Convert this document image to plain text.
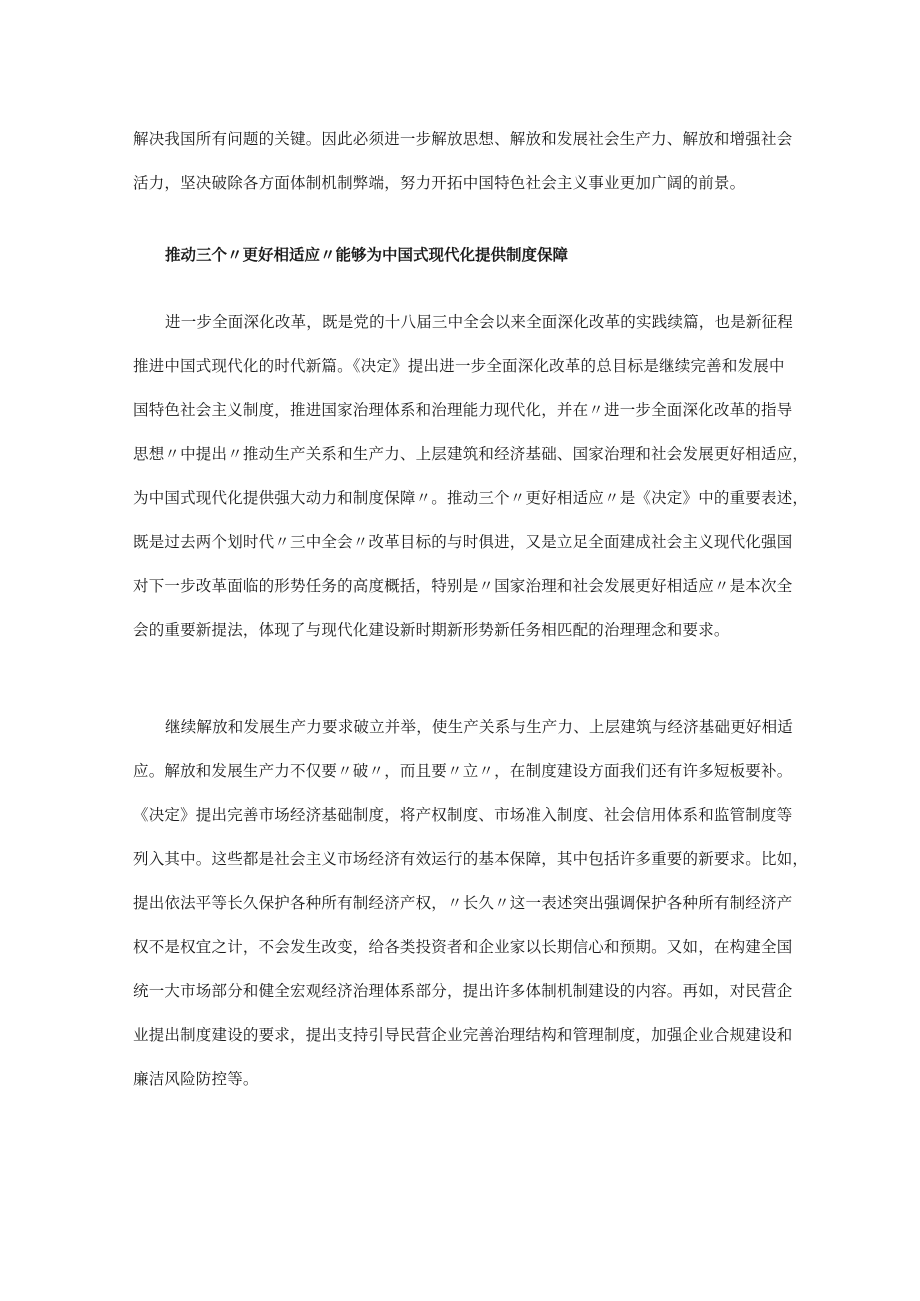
解决我国所有问题的关键。因此必须进一步解放思想、解放和发展社会生产力、解放和增强社会
活力，坚决破除各方面体制机制弊端，努力开拓中国特色社会主义事业更加广阔的前景。
推动三个〃更好相适应〃能够为中国式现代化提供制度保障
进一步全面深化改革，既是党的十八届三中全会以来全面深化改革的实践续篇，也是新征程
推进中国式现代化的时代新篇。《决定》提出进一步全面深化改革的总目标是继续完善和发展中
国特色社会主义制度，推进国家治理体系和治理能力现代化，并在〃进一步全面深化改革的指导
思想〃中提出〃推动生产关系和生产力、上层建筑和经济基础、国家治理和社会发展更好相适应，
为中国式现代化提供强大动力和制度保障〃。推动三个〃更好相适应〃是《决定》中的重要表述，
既是过去两个划时代〃三中全会〃改革目标的与时俱进，又是立足全面建成社会主义现代化强国
对下一步改革面临的形势任务的高度概括，特别是〃国家治理和社会发展更好相适应〃是本次全
会的重要新提法，体现了与现代化建设新时期新形势新任务相匹配的治理理念和要求。
继续解放和发展生产力要求破立并举，使生产关系与生产力、上层建筑与经济基础更好相适
应。解放和发展生产力不仅要〃破〃，而且要〃立〃，在制度建设方面我们还有许多短板要补。
《决定》提出完善市场经济基础制度，将产权制度、市场准入制度、社会信用体系和监管制度等
列入其中。这些都是社会主义市场经济有效运行的基本保障，其中包括许多重要的新要求。比如，
提出依法平等长久保护各种所有制经济产权，〃长久〃这一表述突出强调保护各种所有制经济产
权不是权宜之计，不会发生改变，给各类投资者和企业家以长期信心和预期。又如，在构建全国
统一大市场部分和健全宏观经济治理体系部分，提出许多体制机制建设的内容。再如，对民营企
业提出制度建设的要求，提出支持引导民营企业完善治理结构和管理制度，加强企业合规建设和
廉洁风险防控等。
